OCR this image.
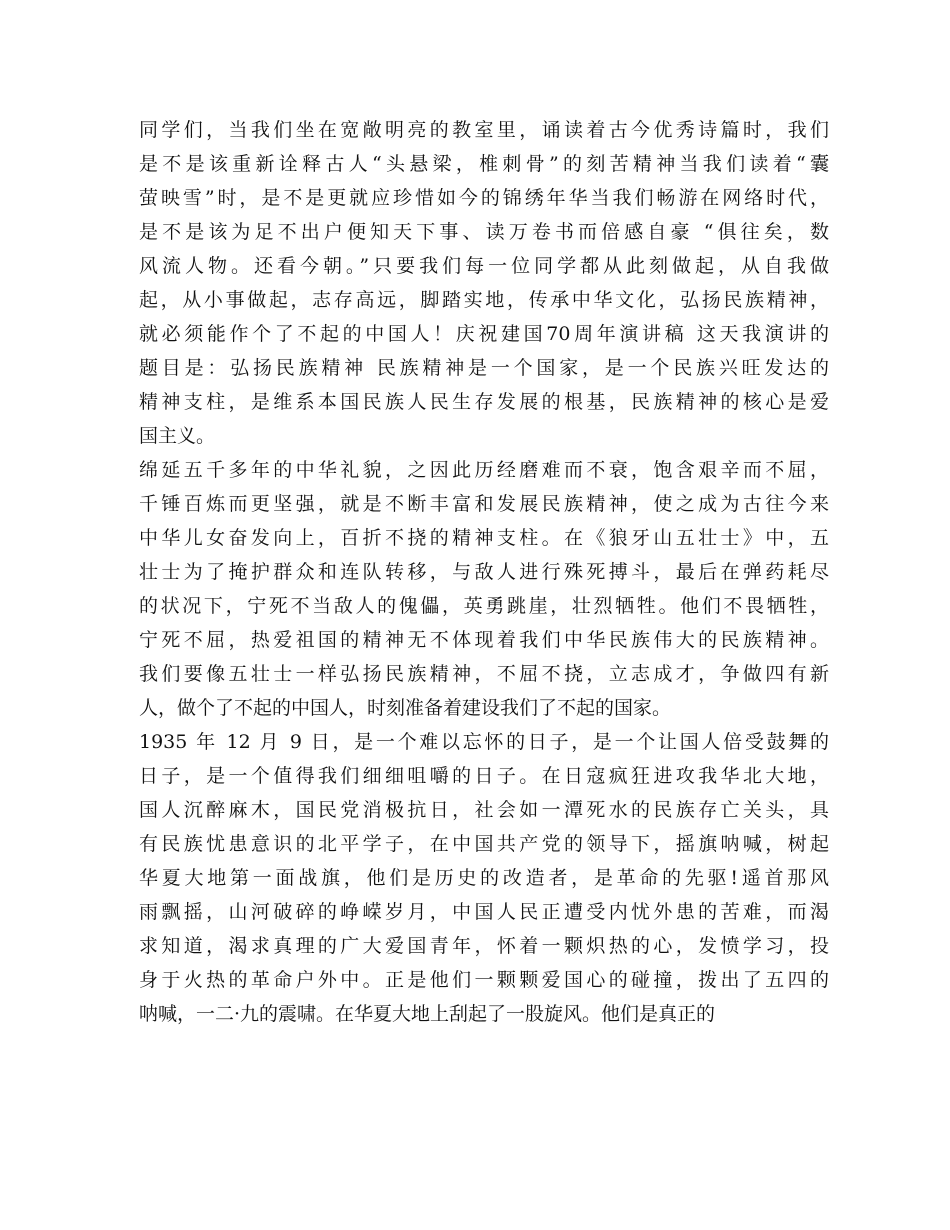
同学们，当我们坐在宽敞明亮的教室里，诵读着古今优秀诗篇时，我们
是不是该重新诠释古人“头悬梁，椎刺骨”的刻苦精神当我们读着“囊
萤映雪”时，是不是更就应珍惜如今的锦绣年华当我们畅游在网络时代，
是不是该为足不出户便知天下事、读万卷书而倍感自豪 “俱往矣，数
风流人物。还看今朝。”只要我们每一位同学都从此刻做起，从自我做
起，从小事做起，志存高远，脚踏实地，传承中华文化，弘扬民族精神，
就必须能作个了不起的中国人！庆祝建国70周年演讲稿 这天我演讲的
题目是：弘扬民族精神 民族精神是一个国家，是一个民族兴旺发达的
精神支柱，是维系本国民族人民生存发展的根基，民族精神的核心是爱
国主义。
绵延五千多年的中华礼貌，之因此历经磨难而不衰，饱含艰辛而不屈，
千锤百炼而更坚强，就是不断丰富和发展民族精神，使之成为古往今来
中华儿女奋发向上，百折不挠的精神支柱。在《狼牙山五壮士》中，五
壮士为了掩护群众和连队转移，与敌人进行殊死搏斗，最后在弹药耗尽
的状况下，宁死不当敌人的傀儡，英勇跳崖，壮烈牺牲。他们不畏牺牲，
宁死不屈，热爱祖国的精神无不体现着我们中华民族伟大的民族精神。
我们要像五壮士一样弘扬民族精神，不屈不挠，立志成才，争做四有新
人，做个了不起的中国人，时刻准备着建设我们了不起的国家。
1935 年 12 月 9 日，是一个难以忘怀的日子，是一个让国人倍受鼓舞的
日子，是一个值得我们细细咀嚼的日子。在日寇疯狂进攻我华北大地，
国人沉醉麻木，国民党消极抗日，社会如一潭死水的民族存亡关头，具
有民族忧患意识的北平学子，在中国共产党的领导下，摇旗呐喊，树起
华夏大地第一面战旗，他们是历史的改造者，是革命的先驱!遥首那风
雨飘摇，山河破碎的峥嵘岁月，中国人民正遭受内忧外患的苦难，而渴
求知道，渴求真理的广大爱国青年，怀着一颗炽热的心，发愤学习，投
身于火热的革命户外中。正是他们一颗颗爱国心的碰撞，拨出了五四的
呐喊，一二·九的震啸。在华夏大地上刮起了一股旋风。他们是真正的
